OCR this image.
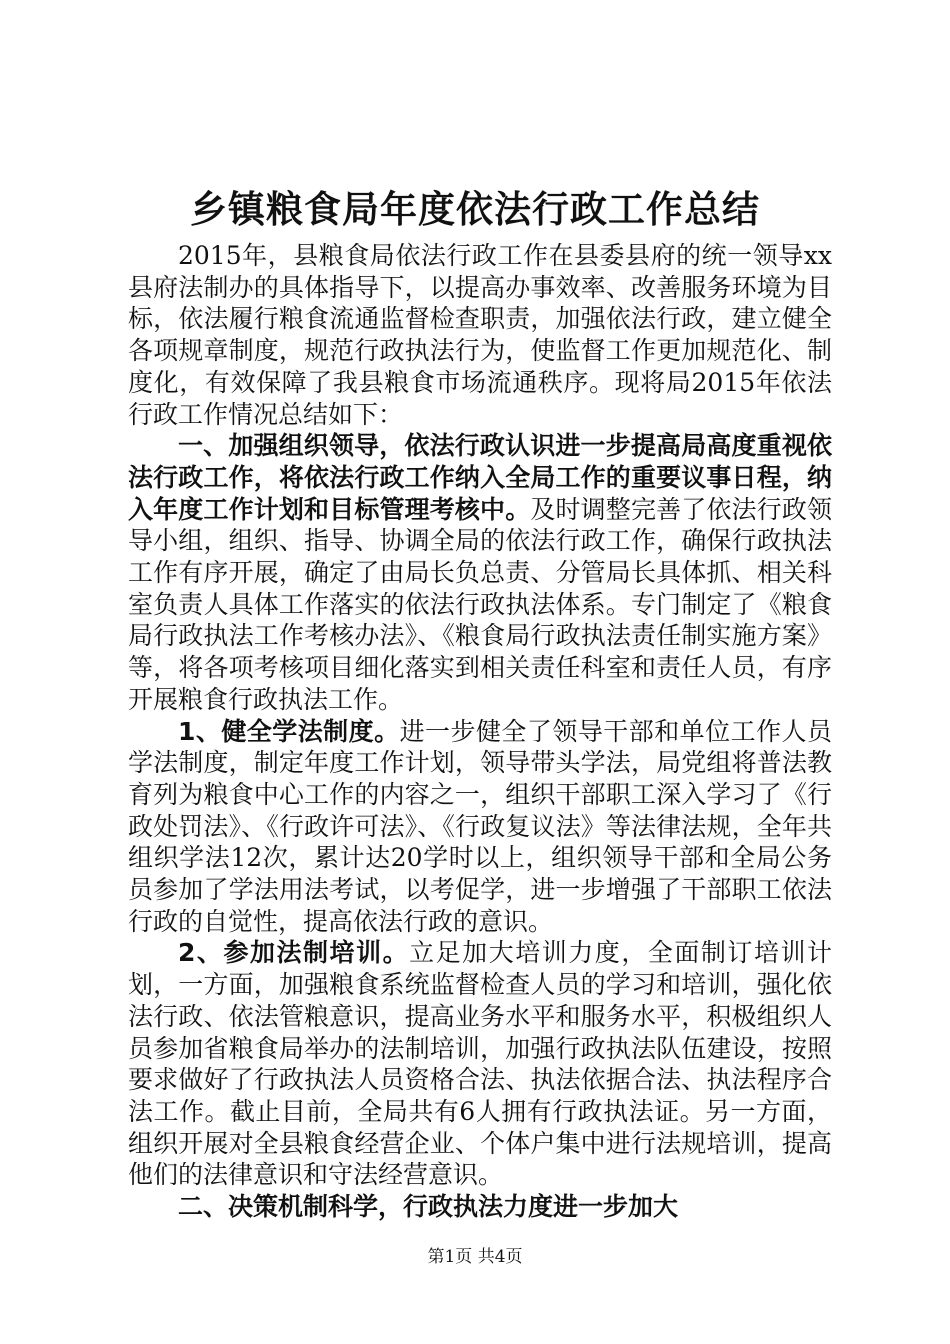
乡镇粮食局年度依法行政工作总结

2015年，县粮食局依法行政工作在县委县府的统一领导xx县府法制办的具体指导下，以提高办事效率、改善服务环境为目标，依法履行粮食流通监督检查职责，加强依法行政，建立健全各项规章制度，规范行政执法行为，使监督工作更加规范化、制度化，有效保障了我县粮食市场流通秩序。现将局2015年依法行政工作情况总结如下：

一、加强组织领导，依法行政认识进一步提高局高度重视依法行政工作，将依法行政工作纳入全局工作的重要议事日程，纳入年度工作计划和目标管理考核中。及时调整完善了依法行政领导小组，组织、指导、协调全局的依法行政工作，确保行政执法工作有序开展，确定了由局长负总责、分管局长具体抓、相关科室负责人具体工作落实的依法行政执法体系。专门制定了《粮食局行政执法工作考核办法》、《粮食局行政执法责任制实施方案》等，将各项考核项目细化落实到相关责任科室和责任人员，有序开展粮食行政执法工作。

1、健全学法制度。进一步健全了领导干部和单位工作人员学法制度，制定年度工作计划，领导带头学法，局党组将普法教育列为粮食中心工作的内容之一，组织干部职工深入学习了《行政处罚法》、《行政许可法》、《行政复议法》等法律法规，全年共组织学法12次，累计达20学时以上，组织领导干部和全局公务员参加了学法用法考试，以考促学，进一步增强了干部职工依法行政的自觉性，提高依法行政的意识。

2、参加法制培训。立足加大培训力度，全面制订培训计划，一方面，加强粮食系统监督检查人员的学习和培训，强化依法行政、依法管粮意识，提高业务水平和服务水平，积极组织人员参加省粮食局举办的法制培训，加强行政执法队伍建设，按照要求做好了行政执法人员资格合法、执法依据合法、执法程序合法工作。截止目前，全局共有6人拥有行政执法证。另一方面，组织开展对全县粮食经营企业、个体户集中进行法规培训，提高他们的法律意识和守法经营意识。

二、决策机制科学，行政执法力度进一步加大

第1页 共4页
